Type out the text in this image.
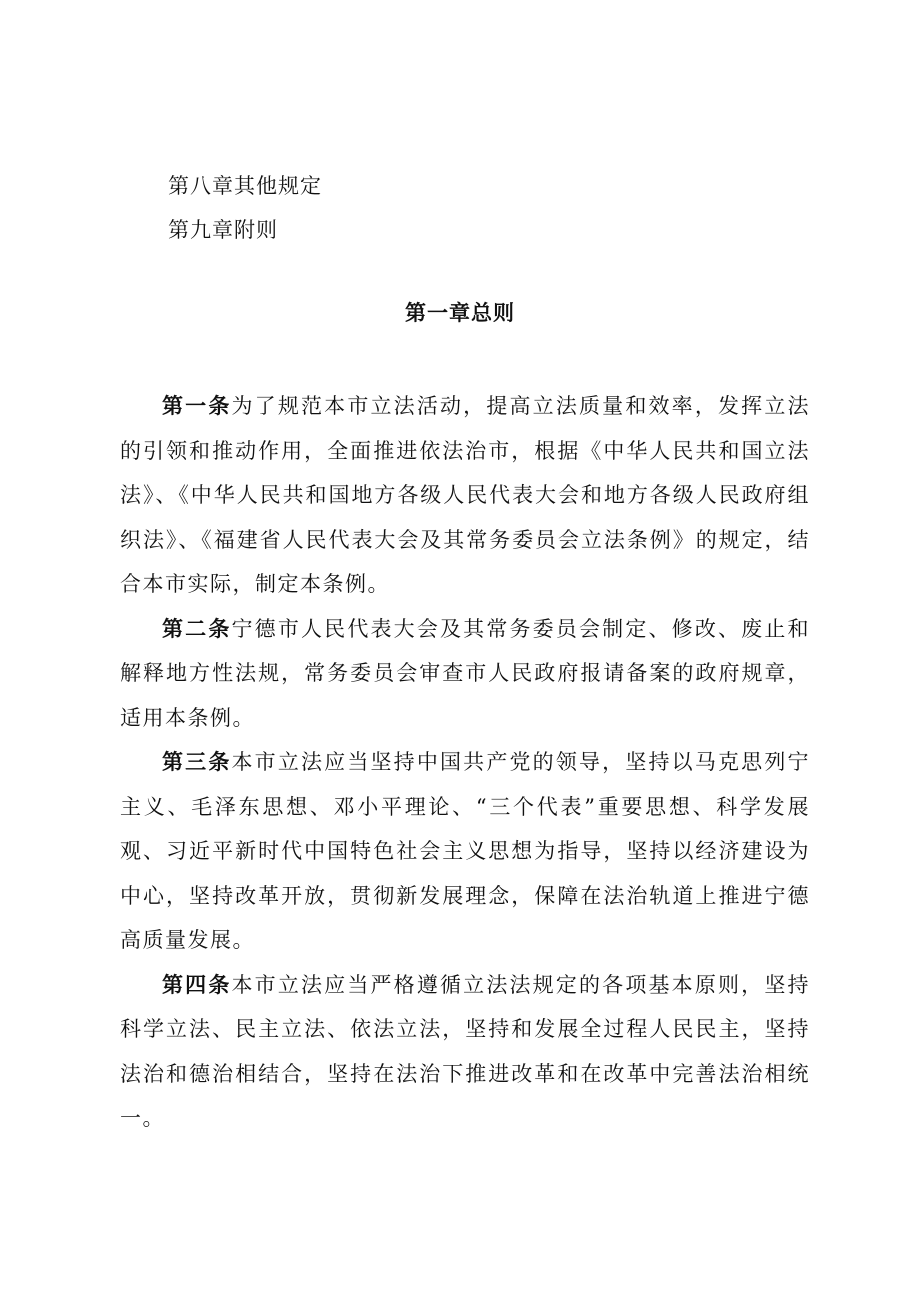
第八章其他规定
第九章附则
第一章总则

第一条为了规范本市立法活动，提高立法质量和效率，发挥立法的引领和推动作用，全面推进依法治市，根据《中华人民共和国立法法》、《中华人民共和国地方各级人民代表大会和地方各级人民政府组织法》、《福建省人民代表大会及其常务委员会立法条例》的规定，结合本市实际，制定本条例。

第二条宁德市人民代表大会及其常务委员会制定、修改、废止和解释地方性法规，常务委员会审查市人民政府报请备案的政府规章，适用本条例。

第三条本市立法应当坚持中国共产党的领导，坚持以马克思列宁主义、毛泽东思想、邓小平理论、“三个代表”重要思想、科学发展观、习近平新时代中国特色社会主义思想为指导，坚持以经济建设为中心，坚持改革开放，贯彻新发展理念，保障在法治轨道上推进宁德高质量发展。

第四条本市立法应当严格遵循立法法规定的各项基本原则，坚持科学立法、民主立法、依法立法，坚持和发展全过程人民民主，坚持法治和德治相结合，坚持在法治下推进改革和在改革中完善法治相统一。
